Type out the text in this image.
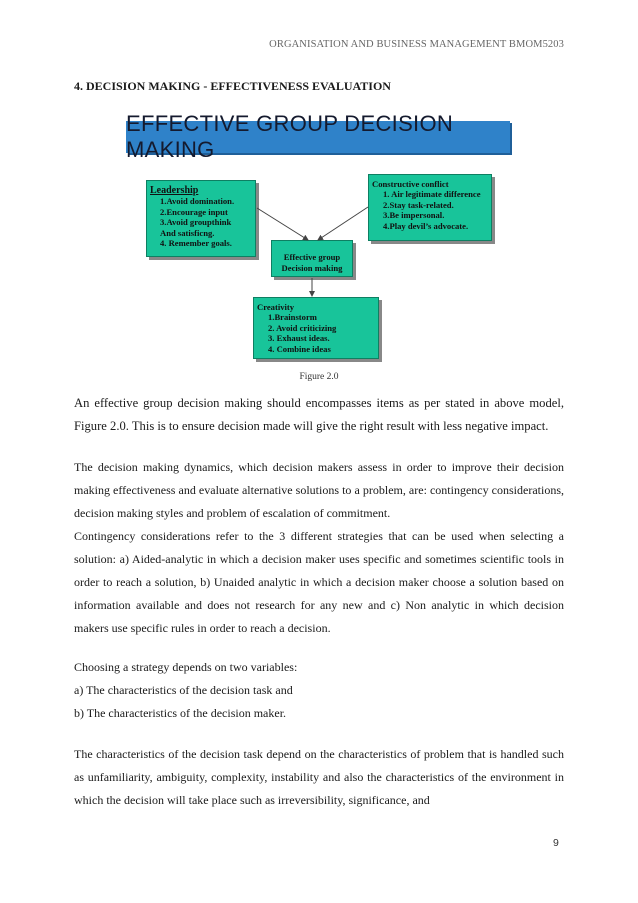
ORGANISATION AND BUSINESS MANAGEMENT BMOM5203
4. DECISION MAKING - EFFECTIVENESS EVALUATION
EFFECTIVE GROUP DECISION MAKING
Leadership
1.Avoid domination.
2.Encourage input
3.Avoid groupthink
And satisficng.
4. Remember goals.
Constructive conflict
1. Air legitimate difference
2.Stay task-related.
3.Be impersonal.
4.Play devil’s advocate.
Effective group
Decision making
Creativity
1.Brainstorm
2. Avoid criticizing
3. Exhaust ideas.
4. Combine ideas
Figure 2.0

An effective group decision making should encompasses items as per stated in above model, Figure 2.0. This is to ensure decision made will give the right result with less negative impact.

The decision making dynamics, which decision makers assess in order to improve their decision making effectiveness and evaluate alternative solutions to a problem, are: contingency considerations, decision making styles and problem of escalation of commitment.

Contingency considerations refer to the 3 different strategies that can be used when selecting a solution: a) Aided-analytic in which a decision maker uses specific and sometimes scientific tools in order to reach a solution, b) Unaided analytic in which a decision maker choose a solution based on information available and does not research for any new and c) Non analytic in which decision makers use specific rules in order to reach a decision.

Choosing a strategy depends on two variables:

a) The characteristics of the decision task and

b) The characteristics of the decision maker.

The characteristics of the decision task depend on the characteristics of problem that is handled such as unfamiliarity, ambiguity, complexity, instability and also the characteristics of the environment in which the decision will take place such as irreversibility, significance, and

9
